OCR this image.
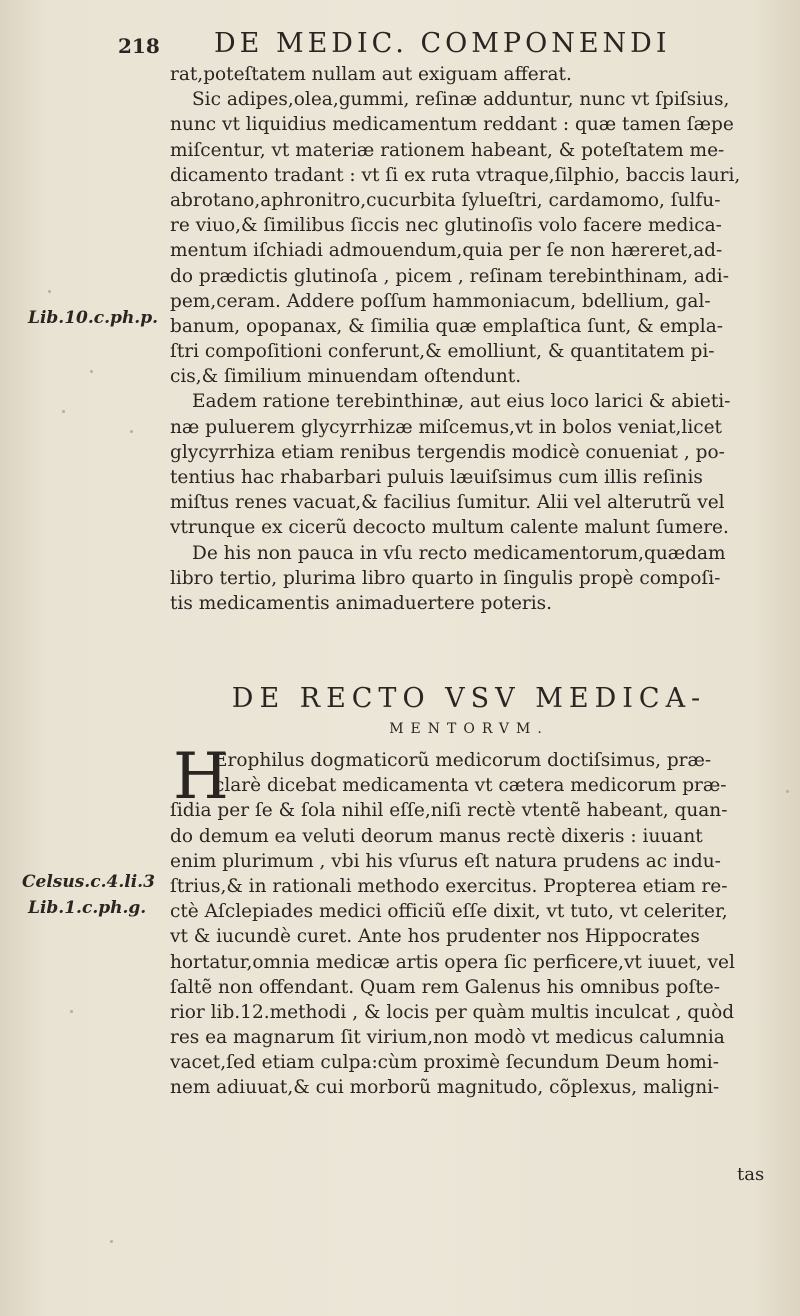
218 DE MEDIC. COMPONENDI
Lib.10.c.ph.p.
Celsus.c.4.li.3
Lib.1.c.ph.g.
rat,poteſtatem nullam aut exiguam afferat.
Sic adipes,olea,gummi, reſinæ adduntur, nunc vt ſpiſsius,
nunc vt liquidius medicamentum reddant : quæ tamen ſæpe
miſcentur, vt materiæ rationem habeant, & poteſtatem me-
dicamento tradant : vt ſi ex ruta vtraque,ſilphio, baccis lauri,
abrotano,aphronitro,cucurbita ſylueſtri, cardamomo, ſulfu-
re viuo,& ſimilibus ſiccis nec glutinoſis volo facere medica-
mentum iſchiadi admouendum,quia per ſe non hæreret,ad-
do prædictis glutinoſa , picem , reſinam terebinthinam, adi-
pem,ceram. Addere poſſum hammoniacum, bdellium, gal-
banum, opopanax, & ſimilia quæ emplaſtica ſunt, & empla-
ſtri compoſitioni conferunt,& emolliunt, & quantitatem pi-
cis,& ſimilium minuendam oſtendunt.
Eadem ratione terebinthinæ, aut eius loco larici & abieti-
næ puluerem glycyrrhizæ miſcemus,vt in bolos veniat,licet
glycyrrhiza etiam renibus tergendis modicè conueniat , po-
tentius hac rhabarbari puluis læuiſsimus cum illis reſinis
miſtus renes vacuat,& facilius ſumitur. Alii vel alterutrũ vel
vtrunque ex cicerũ decocto multum calente malunt ſumere.
De his non pauca in vſu recto medicamentorum,quædam
libro tertio, plurima libro quarto in ſingulis propè compoſi-
tis medicamentis animaduertere poteris.
DE RECTO VSV MEDICA-
MENTORVM.
H
Erophilus dogmaticorũ medicorum doctiſsimus, præ-
clarè dicebat medicamenta vt cætera medicorum præ-
ſidia per ſe & ſola nihil eſſe,niſi rectè vtentẽ habeant, quan-
do demum ea veluti deorum manus rectè dixeris : iuuant
enim plurimum , vbi his vſurus eſt natura prudens ac indu-
ſtrius,& in rationali methodo exercitus. Propterea etiam re-
ctè Aſclepiades medici officiũ eſſe dixit, vt tuto, vt celeriter,
vt & iucundè curet. Ante hos prudenter nos Hippocrates
hortatur,omnia medicæ artis opera ſic perficere,vt iuuet, vel
ſaltẽ non offendant. Quam rem Galenus his omnibus poſte-
rior lib.12.methodi , & locis per quàm multis inculcat , quòd
res ea magnarum ſit virium,non modò vt medicus calumnia
vacet,ſed etiam culpa:cùm proximè ſecundum Deum homi-
nem adiuuat,& cui morborũ magnitudo, cõplexus, maligni-
tas
